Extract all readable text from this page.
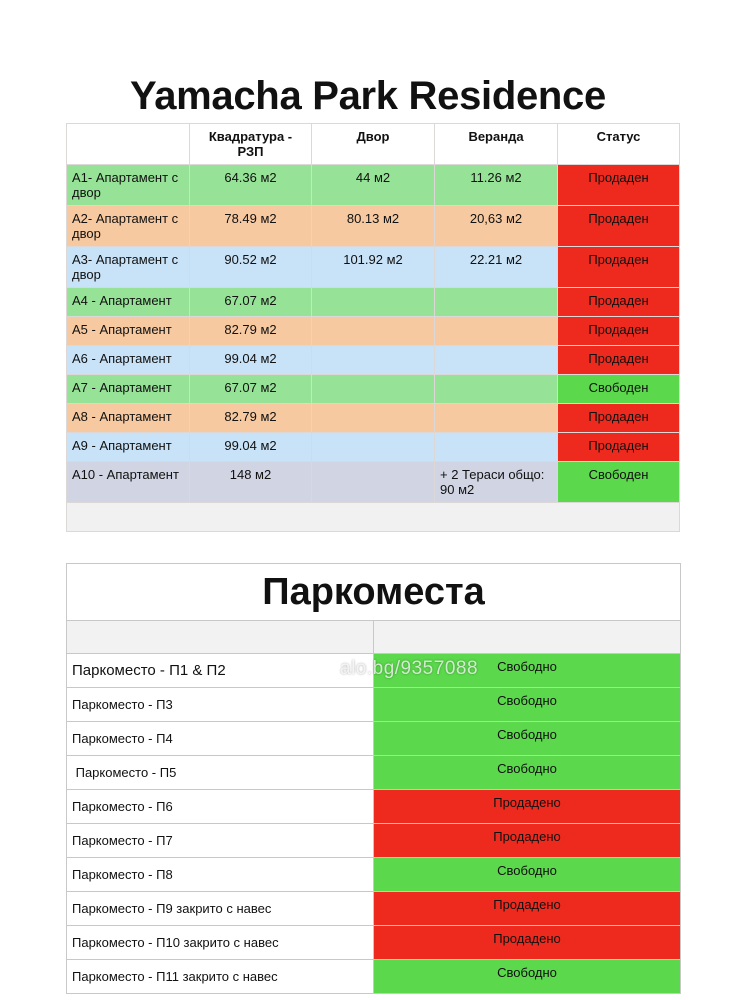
Yamacha Park Residence
	Квадратура - РЗП	Двор	Веранда	Статус
A1- Апартамент с двор	64.36 м2	44 м2	11.26 м2	Продаден
A2- Апартамент с двор	78.49 м2	80.13 м2	20,63 м2	Продаден
A3- Апартамент с двор	90.52 м2	101.92 м2	22.21 м2	Продаден
A4 - Апартамент	67.07 м2			Продаден
A5 - Апартамент	82.79 м2			Продаден
A6 - Апартамент	99.04 м2			Продаден
A7 - Апартамент	67.07 м2			Свободен
A8 - Апартамент	82.79 м2			Продаден
A9 - Апартамент	99.04 м2			Продаден
A10 - Апартамент	148 м2		+ 2 Тераси общо: 90 м2	Свободен

Паркоместа	

Паркоместо - П1 & П2	Свободно
Паркоместо - П3	Свободно
Паркоместо - П4	Свободно
Паркоместо - П5	Свободно
Паркоместо - П6	Продадено
Паркоместо - П7	Продадено
Паркоместо - П8	Свободно
Паркоместо - П9 закрито с навес	Продадено
Паркоместо - П10 закрито с навес	Продадено
Паркоместо - П11 закрито с навес	Свободно
alo.bg/9357088
